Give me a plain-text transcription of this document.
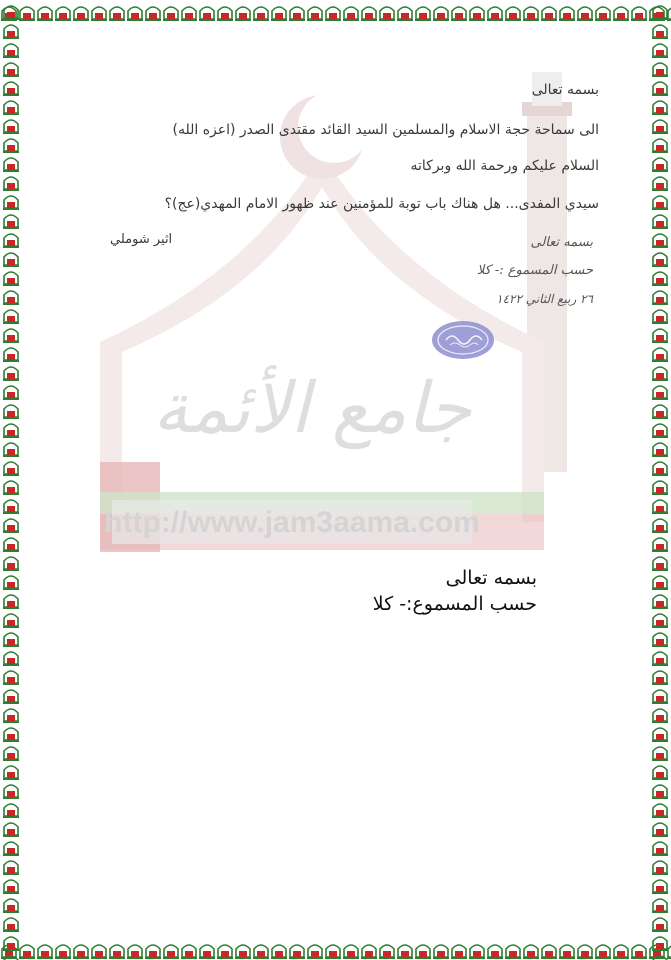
http://www.jam3aama.com
جامع الأئمة
بسمه تعالى
الى سماحة حجة الاسلام والمسلمين السيد القائد مقتدى الصدر (اعزه الله)
السلام عليكم ورحمة الله وبركاته
سيدي المفدى... هل هناك باب توبة للمؤمنين عند ظهور الامام المهدي(عج)؟
اثير شوملي	بسمه تعالى
حسب المسموع :- كلا
٢٦ ربيع الثاني ١٤٢٢
بسمه تعالى
حسب المسموع:- كلا
